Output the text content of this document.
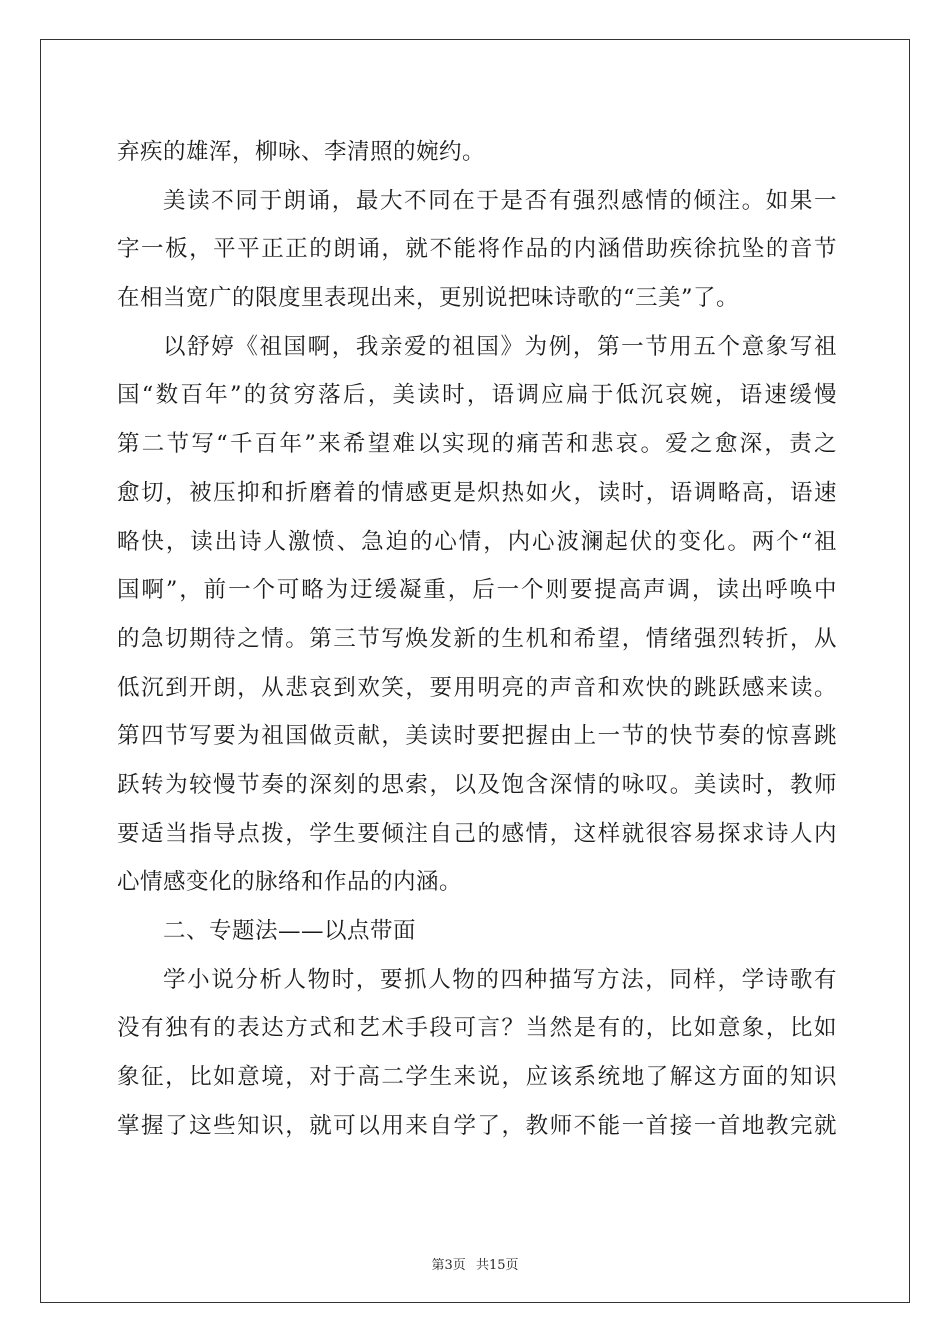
弃疾的雄浑，柳咏、李清照的婉约。
美读不同于朗诵，最大不同在于是否有强烈感情的倾注。如果一
字一板，平平正正的朗诵，就不能将作品的内涵借助疾徐抗坠的音节
在相当宽广的限度里表现出来，更别说把味诗歌的“三美”了。
以舒婷《祖国啊，我亲爱的祖国》为例，第一节用五个意象写祖
国“数百年”的贫穷落后，美读时，语调应扁于低沉哀婉，语速缓慢
第二节写“千百年”来希望难以实现的痛苦和悲哀。爱之愈深，责之
愈切，被压抑和折磨着的情感更是炽热如火，读时，语调略高，语速
略快，读出诗人激愤、急迫的心情，内心波澜起伏的变化。两个“祖
国啊”，前一个可略为迂缓凝重，后一个则要提高声调，读出呼唤中
的急切期待之情。第三节写焕发新的生机和希望，情绪强烈转折，从
低沉到开朗，从悲哀到欢笑，要用明亮的声音和欢快的跳跃感来读。
第四节写要为祖国做贡献，美读时要把握由上一节的快节奏的惊喜跳
跃转为较慢节奏的深刻的思索，以及饱含深情的咏叹。美读时，教师
要适当指导点拨，学生要倾注自己的感情，这样就很容易探求诗人内
心情感变化的脉络和作品的内涵。
二、专题法——以点带面
学小说分析人物时，要抓人物的四种描写方法，同样，学诗歌有
没有独有的表达方式和艺术手段可言？当然是有的，比如意象，比如
象征，比如意境，对于高二学生来说，应该系统地了解这方面的知识
掌握了这些知识，就可以用来自学了，教师不能一首接一首地教完就
第3页 共15页
